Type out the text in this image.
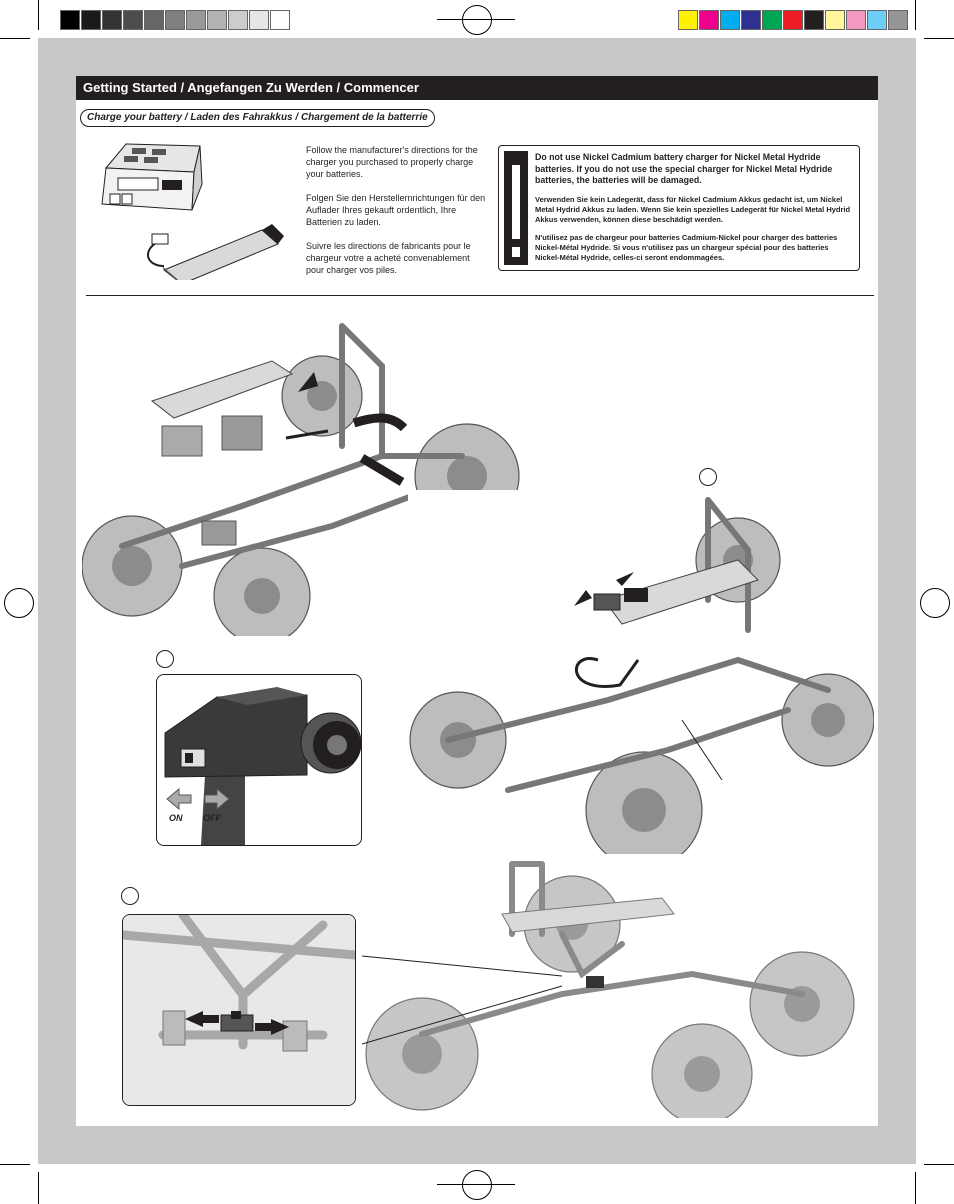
Getting Started / Angefangen Zu Werden / Commencer
Charge your battery / Laden des Fahrakkus / Chargement de la batterrie

Follow the manufacturer's directions for the charger you purchased to properly charge your batteries.

Folgen Sie den Herstellernrichtungen für den Auflader Ihres gekauft ordentlich, Ihre Batterien zu laden.

Suivre les directions de fabricants pour le chargeur votre a acheté convenablement pour charger vos piles.

Do not use Nickel Cadmium battery charger for Nickel Metal Hydride batteries. If you do not use the special charger for Nickel Metal Hydride batteries, the batteries will be damaged.

Verwenden Sie kein Ladegerät, dass für Nickel Cadmium Akkus gedacht ist, um Nickel Metal Hydrid Akkus zu laden. Wenn Sie kein spezielles Ladegerät für Nickel Metal Hydrid Akkus verwenden, können diese beschädigt werden.

N'utilisez pas de chargeur pour batteries Cadmium-Nickel pour charger des batteries Nickel-Métal Hydride. Si vous n'utilisez pas un chargeur spécial pour des batteries Nickel-Métal Hydride, celles-ci seront endommagées.

ON OFF
